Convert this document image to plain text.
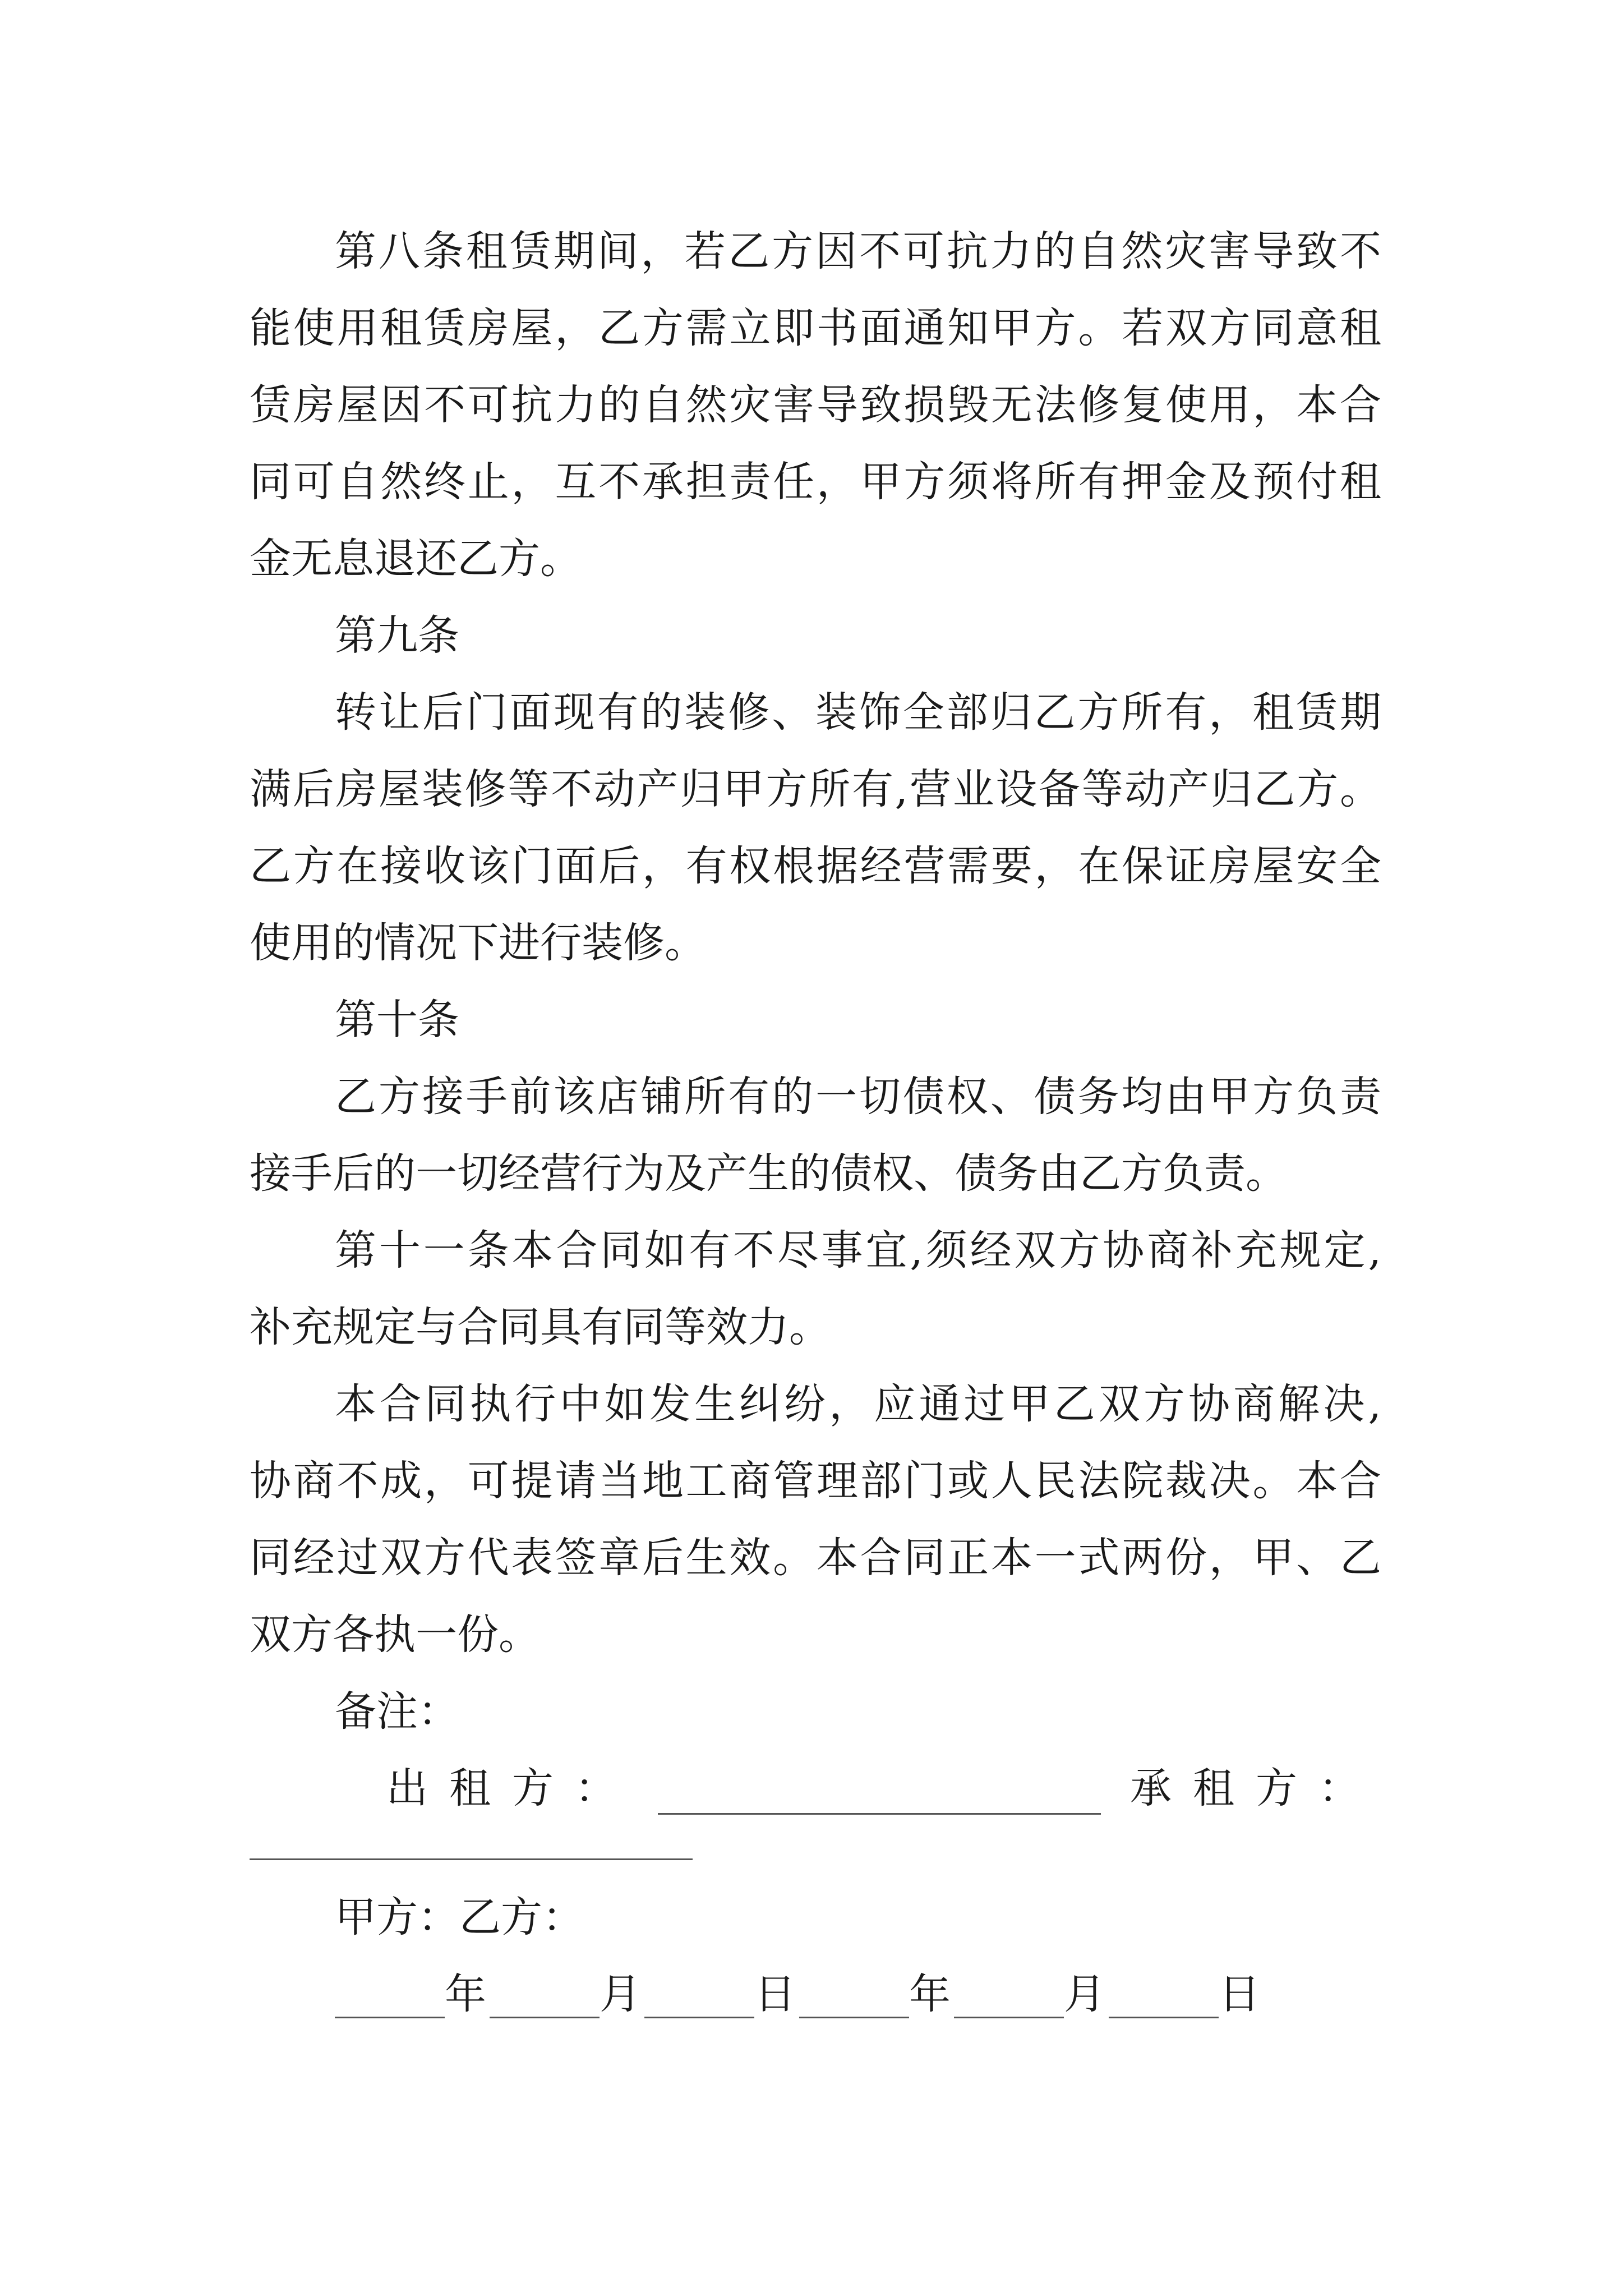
第八条租赁期间，若乙方因不可抗力的自然灾害导致不
能使用租赁房屋，乙方需立即书面通知甲方。若双方同意租
赁房屋因不可抗力的自然灾害导致损毁无法修复使用，本合
同可自然终止，互不承担责任，甲方须将所有押金及预付租
金无息退还乙方。
第九条
转让后门面现有的装修、装饰全部归乙方所有，租赁期
满后房屋装修等不动产归甲方所有,营业设备等动产归乙方。
乙方在接收该门面后，有权根据经营需要，在保证房屋安全
使用的情况下进行装修。
第十条
乙方接手前该店铺所有的一切债权、债务均由甲方负责
接手后的一切经营行为及产生的债权、债务由乙方负责。
第十一条本合同如有不尽事宜,须经双方协商补充规定,
补充规定与合同具有同等效力。
本合同执行中如发生纠纷，应通过甲乙双方协商解决,
协商不成，可提请当地工商管理部门或人民法院裁决。本合
同经过双方代表签章后生效。本合同正本一式两份，甲、乙
双方各执一份。
备注：
出租方：	承租方：
甲方：乙方：
年	月	日	年	月	日
